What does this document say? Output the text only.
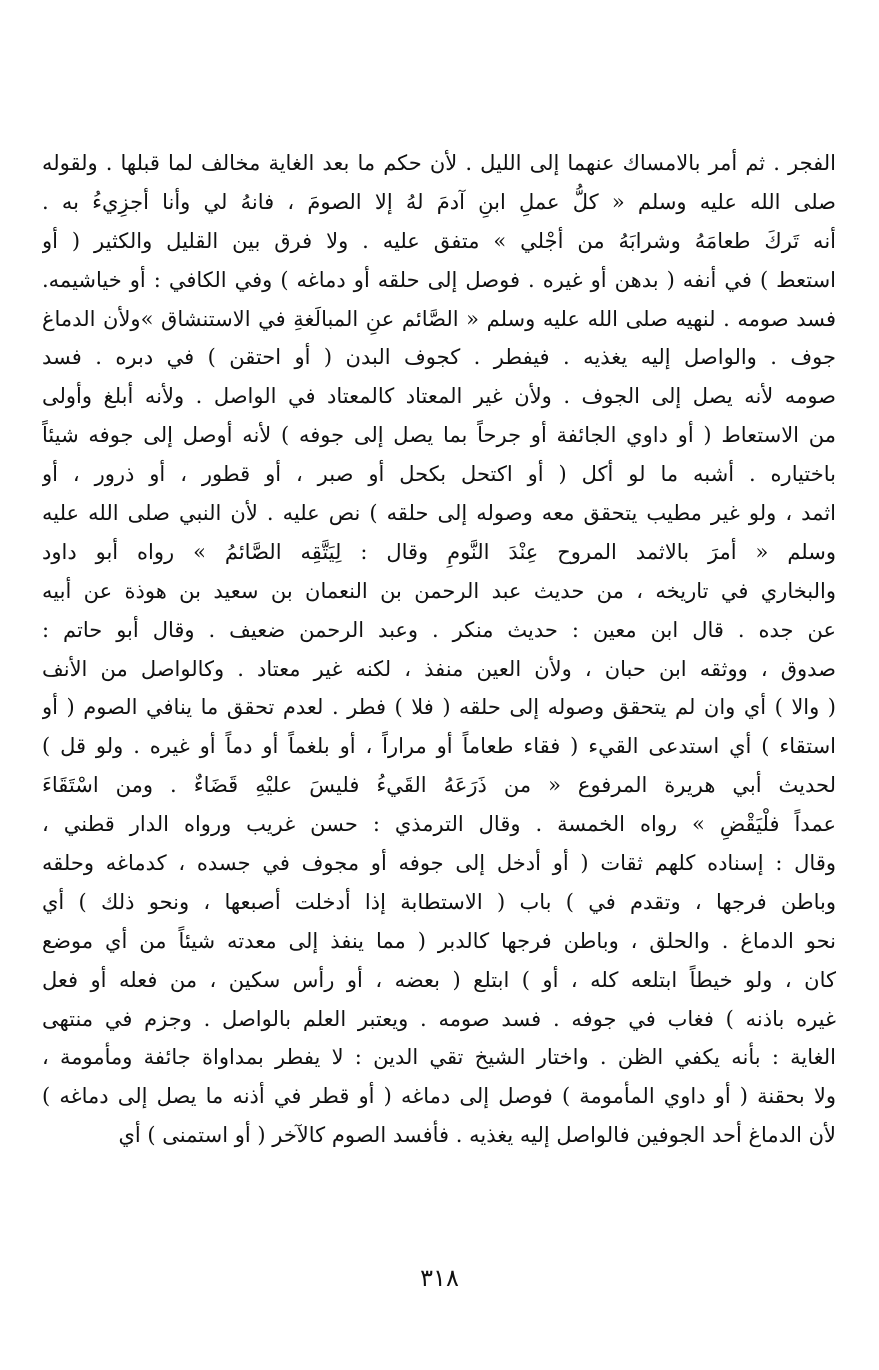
الفجر . ثم أمر بالامساك عنهما إلى الليل . لأن حكم ما بعد الغاية مخالف لما قبلها . ولقوله
صلى الله عليه وسلم « كلُّ عملِ ابنِ آدمَ لهُ إلا الصومَ ، فانهُ لي وأنا أجزِيءُ به .
أنه تَركَ طعامَهُ وشرابَهُ من أجْلي » متفق عليه . ولا فرق بين القليل والكثير ( أو
استعط ) في أنفه ( بدهن أو غيره . فوصل إلى حلقه أو دماغه ) وفي الكافي : أو خياشيمه.
فسد صومه . لنهيه صلى الله عليه وسلم « الصَّائم عنِ المبالَغةِ في الاستنشاق »ولأن الدماغ
جوف . والواصل إليه يغذيه . فيفطر . كجوف البدن ( أو احتقن ) في دبره . فسد
صومه لأنه يصل إلى الجوف . ولأن غير المعتاد كالمعتاد في الواصل . ولأنه أبلغ وأولى
من الاستعاط ( أو داوي الجائفة أو جرحاً بما يصل إلى جوفه ) لأنه أوصل إلى جوفه شيئاً
باختياره . أشبه ما لو أكل ( أو اكتحل بكحل أو صبر ، أو قطور ، أو ذرور ، أو
اثمد ، ولو غير مطيب يتحقق معه وصوله إلى حلقه ) نص عليه . لأن النبي صلى الله عليه
وسلم « أمرَ بالاثمد المروح عِنْدَ النَّومِ وقال : لِيَتَّقِه الصَّائمُ » رواه أبو داود
والبخاري في تاريخه ، من حديث عبد الرحمن بن النعمان بن سعيد بن هوذة عن أبيه
عن جده . قال ابن معين : حديث منكر . وعبد الرحمن ضعيف . وقال أبو حاتم :
صدوق ، ووثقه ابن حبان ، ولأن العين منفذ ، لكنه غير معتاد . وكالواصل من الأنف
( والا ) أي وان لم يتحقق وصوله إلى حلقه ( فلا ) فطر . لعدم تحقق ما ينافي الصوم ( أو
استقاء ) أي استدعى القيء ( فقاء طعاماً أو مراراً ، أو بلغماً أو دماً أو غيره . ولو قل )
لحديث أبي هريرة المرفوع « من ذَرَعَهُ القَيءُ فليسَ عليْهِ قَضَاءٌ . ومن اسْتَقَاءَ
عمداً فلْيَقْضِ » رواه الخمسة . وقال الترمذي : حسن غريب ورواه الدار قطني ،
وقال : إسناده كلهم ثقات ( أو أدخل إلى جوفه أو مجوف في جسده ، كدماغه وحلقه
وباطن فرجها ، وتقدم في ) باب ( الاستطابة إذا أدخلت أصبعها ، ونحو ذلك ) أي
نحو الدماغ . والحلق ، وباطن فرجها كالدبر ( مما ينفذ إلى معدته شيئاً من أي موضع
كان ، ولو خيطاً ابتلعه كله ، أو ) ابتلع ( بعضه ، أو رأس سكين ، من فعله أو فعل
غيره باذنه ) فغاب في جوفه . فسد صومه . ويعتبر العلم بالواصل . وجزم في منتهى
الغاية : بأنه يكفي الظن . واختار الشيخ تقي الدين : لا يفطر بمداواة جائفة ومأمومة ،
ولا بحقنة ( أو داوي المأمومة ) فوصل إلى دماغه ( أو قطر في أذنه ما يصل إلى دماغه )
لأن الدماغ أحد الجوفين فالواصل إليه يغذيه . فأفسد الصوم كالآخر ( أو استمنى ) أي
٣١٨
